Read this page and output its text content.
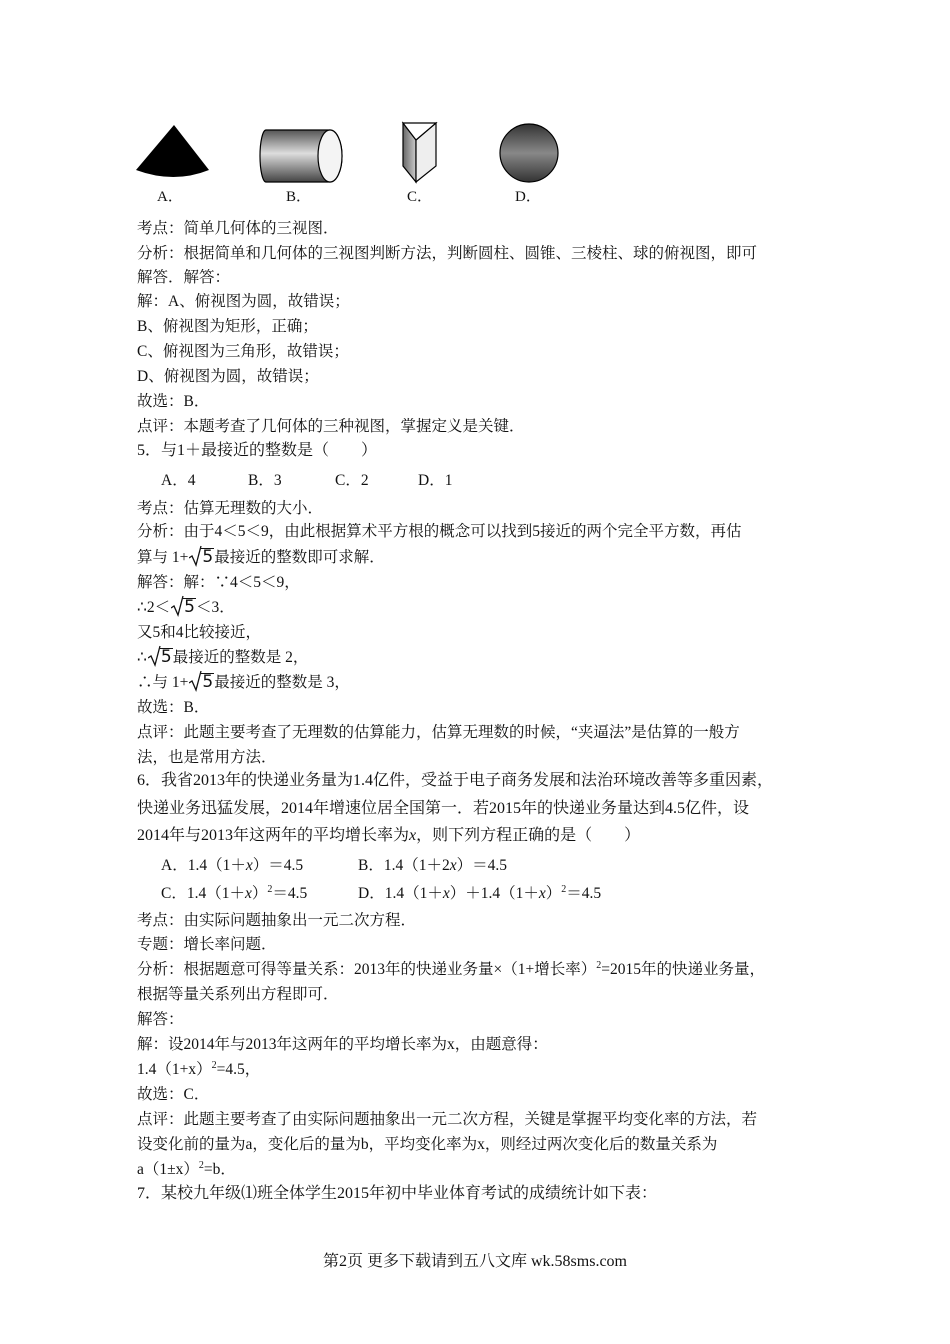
A．	B．	C．	D．
考点：简单几何体的三视图．
分析：根据简单和几何体的三视图判断方法，判断圆柱、圆锥、三棱柱、球的俯视图，即可
解答．解答：
解：A、俯视图为圆，故错误；
B、俯视图为矩形，正确；
C、俯视图为三角形，故错误；
D、俯视图为圆，故错误；
故选：B．
点评：本题考查了几何体的三种视图，掌握定义是关键．
5．与1＋最接近的整数是（　　）
A．4	B．3	C．2	D．1
考点：估算无理数的大小．
分析：由于4＜5＜9，由此根据算术平方根的概念可以找到5接近的两个完全平方数，再估
算与 1+ 5最接近的整数即可求解．
解答：解：∵4＜5＜9，
∴2＜ 5＜3．
又5和4比较接近，
∴ 5最接近的整数是 2，
∴与 1+ 5最接近的整数是 3，
故选：B．
点评：此题主要考查了无理数的估算能力，估算无理数的时候，“夹逼法”是估算的一般方
法，也是常用方法．
6．我省2013年的快递业务量为1.4亿件，受益于电子商务发展和法治环境改善等多重因素，
快递业务迅猛发展，2014年增速位居全国第一．若2015年的快递业务量达到4.5亿件，设
2014年与2013年这两年的平均增长率为x，则下列方程正确的是（　　）
A．1.4（1＋x）＝4.5	B．1.4（1＋2x）＝4.5
C．$1.4(1+x)^2=4.5$	D．$1.4(1+x)+1.4(1+x)^2=4.5$
考点：由实际问题抽象出一元二次方程．
专题：增长率问题．
分析：根据题意可得等量关系：2013年的快递业务量×（1+增长率）$^2$=2015年的快递业务量，
根据等量关系列出方程即可．
解答：
解：设2014年与2013年这两年的平均增长率为x，由题意得：
$1.4(1+x)^2=4.5$，
故选：C．
点评：此题主要考查了由实际问题抽象出一元二次方程，关键是掌握平均变化率的方法，若
设变化前的量为a，变化后的量为b，平均变化率为x，则经过两次变化后的数量关系为
$a(1\pm x)^2=b$．
7．某校九年级⑴班全体学生2015年初中毕业体育考试的成绩统计如下表：
第2页 更多下载请到五八文库 wk.58sms.com
